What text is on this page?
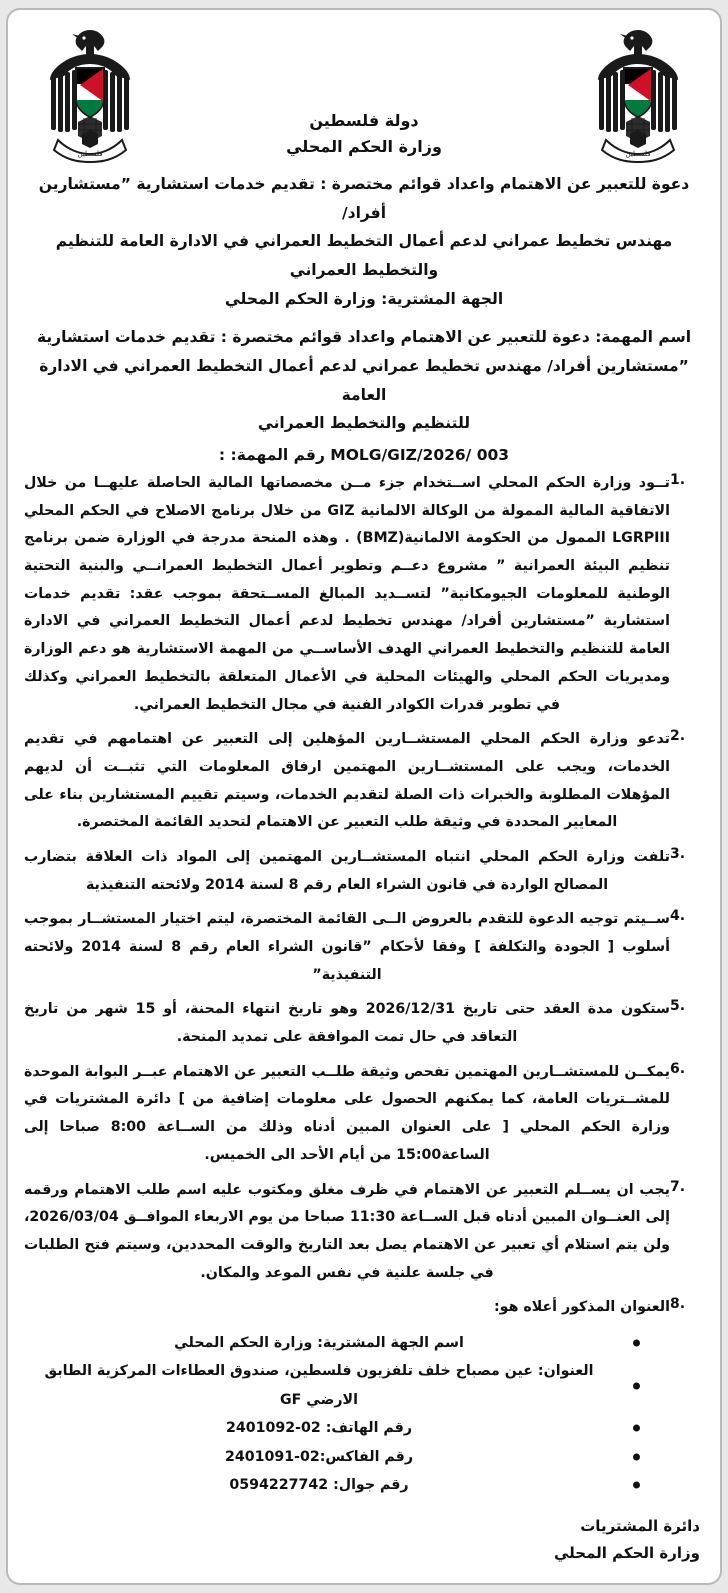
فلسطين
فلسطين
دولة فلسطين
وزارة الحكم المحلي
دعوة للتعبير عن الاهتمام واعداد قوائم مختصرة : تقديم خدمات استشارية ”مستشارين أفراد/
مهندس تخطيط عمراني لدعم أعمال التخطيط العمراني في الادارة العامة للتنظيم والتخطيط العمراني
الجهة المشترية: وزارة الحكم المحلي
اسم المهمة: دعوة للتعبير عن الاهتمام واعداد قوائم مختصرة : تقديم خدمات استشارية
”مستشارين أفراد/ مهندس تخطيط عمراني لدعم أعمال التخطيط العمراني في الادارة العامة
للتنظيم والتخطيط العمراني
MOLG/GIZ/2026/ 003 رقم المهمة: :
1.
تــود وزارة الحكم المحلي اســتخدام جزء مــن مخصصاتها المالية الحاصلة عليهــا من خلال الاتفاقية المالية الممولة من الوكالة الالمانية GIZ من خلال برنامج الاصلاح في الحكم المحلي LGRPIII الممول من الحكومة الالمانية(BMZ) . وهذه المنحة مدرجة في الوزارة ضمن برنامج تنظيم البيئة العمرانية ” مشروع دعــم وتطوير أعمال التخطيط العمرانــي والبنية التحتية الوطنية للمعلومات الجيومكانية” لتســديد المبالغ المســتحقة بموجب عقد: تقديم خدمات استشارية ”مستشارين أفراد/ مهندس تخطيط لدعم أعمال التخطيط العمراني في الادارة العامة للتنظيم والتخطيط العمراني الهدف الأساســي من المهمة الاستشارية هو دعم الوزارة ومديريات الحكم المحلي والهيئات المحلية في الأعمال المتعلقة بالتخطيط العمراني وكذلك في تطوير قدرات الكوادر الفنية في مجال التخطيط العمراني.
2.
تدعو وزارة الحكم المحلي المستشــارين المؤهلين إلى التعبير عن اهتمامهم في تقديم الخدمات، ويجب على المستشــارين المهتمين ارفاق المعلومات التي تثبــت أن لديهم المؤهلات المطلوبة والخبرات ذات الصلة لتقديم الخدمات، وسيتم تقييم المستشارين بناء على المعايير المحددة في وثيقة طلب التعبير عن الاهتمام لتحديد القائمة المختصرة.
3.
تلفت وزارة الحكم المحلي انتباه المستشــارين المهتمين إلى المواد ذات العلاقة بتضارب المصالح الواردة في قانون الشراء العام رقم 8 لسنة 2014 ولائحته التنفيذية
4.
ســيتم توجيه الدعوة للتقدم بالعروض الــى القائمة المختصرة، ليتم اختيار المستشــار بموجب أسلوب [ الجودة والتكلفة ] وفقا لأحكام ”قانون الشراء العام رقم 8 لسنة 2014 ولائحته التنفيذية”
5.
ستكون مدة العقد حتى تاريخ 2026/12/31 وهو تاريخ انتهاء المحنة، أو 15 شهر من تاريخ التعاقد في حال تمت الموافقة على تمديد المنحة.
6.
يمكــن للمستشــارين المهتمين تفحص وثيقة طلــب التعبير عن الاهتمام عبــر البوابة الموحدة للمشــتريات العامة، كما يمكنهم الحصول على معلومات إضافية من ] دائرة المشتريات في وزارة الحكم المحلي [ على العنوان المبين أدناه وذلك من الســاعة 8:00 صباحا إلى الساعة15:00 من أيام الأحد الى الخميس.
7.
يجب ان يســلم التعبير عن الاهتمام في ظرف مغلق ومكتوب عليه اسم طلب الاهتمام ورقمه إلى العنــوان المبين أدناه قبل الســاعة 11:30 صباحا من يوم الاربعاء الموافــق 2026/03/04، ولن يتم استلام أي تعبير عن الاهتمام يصل بعد التاريخ والوقت المحددين، وسيتم فتح الطلبات في جلسة علنية في نفس الموعد والمكان.
8.
العنوان المذكور أعلاه هو:
اسم الجهة المشترية: وزارة الحكم المحلي
العنوان: عين مصباح خلف تلفزيون فلسطين، صندوق العطاءات المركزية الطابق الارضي GF
رقم الهاتف: 02-2401092
رقم الفاكس:02-2401091
رقم جوال: 0594227742
دائرة المشتريات
وزارة الحكم المحلي
